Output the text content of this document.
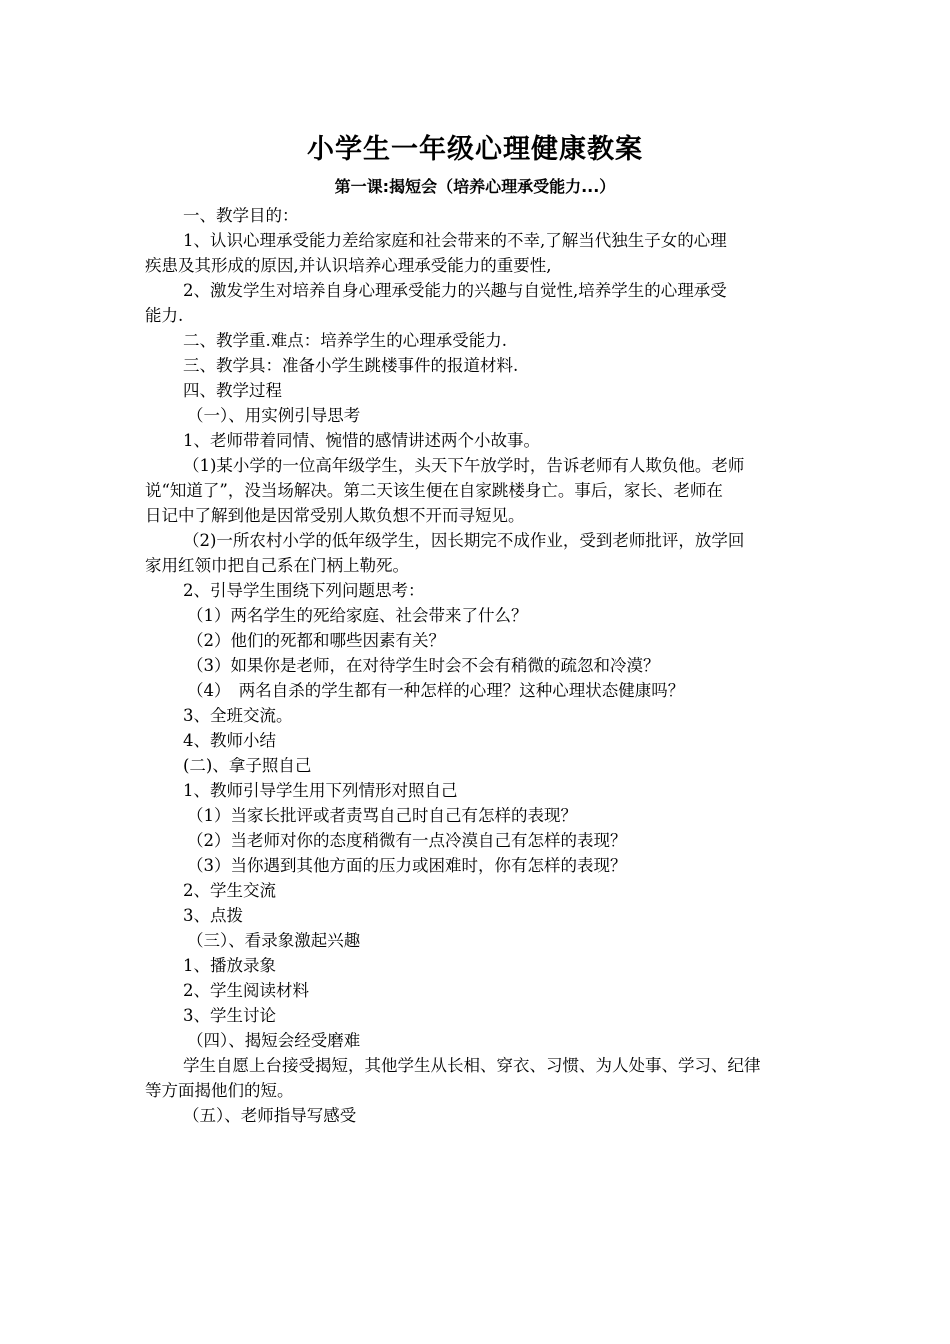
小学生一年级心理健康教案
第一课:揭短会（培养心理承受能力...）
一、教学目的：
1、认识心理承受能力差给家庭和社会带来的不幸,了解当代独生子女的心理
疾患及其形成的原因,并认识培养心理承受能力的重要性,
2、激发学生对培养自身心理承受能力的兴趣与自觉性,培养学生的心理承受
能力.
二、教学重.难点：培养学生的心理承受能力.
三、教学具：准备小学生跳楼事件的报道材料.
四、教学过程
（一）、用实例引导思考
1、老师带着同情、惋惜的感情讲述两个小故事。
（1)某小学的一位高年级学生，头天下午放学时，告诉老师有人欺负他。老师
说“知道了”，没当场解决。第二天该生便在自家跳楼身亡。事后，家长、老师在
日记中了解到他是因常受别人欺负想不开而寻短见。
（2)一所农村小学的低年级学生，因长期完不成作业，受到老师批评，放学回
家用红领巾把自己系在门柄上勒死。
2、引导学生围绕下列问题思考：
（1）两名学生的死给家庭、社会带来了什么？
（2）他们的死都和哪些因素有关？
（3）如果你是老师，在对待学生时会不会有稍微的疏忽和冷漠？
（4）　两名自杀的学生都有一种怎样的心理？这种心理状态健康吗？
3、全班交流。
4、教师小结
(二)、拿子照自己
1、教师引导学生用下列情形对照自己
（1）当家长批评或者责骂自己时自己有怎样的表现？
（2）当老师对你的态度稍微有一点冷漠自己有怎样的表现？
（3）当你遇到其他方面的压力或困难时，你有怎样的表现？
2、学生交流
3、点拨
（三）、看录象激起兴趣
1、播放录象
2、学生阅读材料
3、学生讨论
（四）、揭短会经受磨难
学生自愿上台接受揭短，其他学生从长相、穿衣、习惯、为人处事、学习、纪律
等方面揭他们的短。
（五）、老师指导写感受
